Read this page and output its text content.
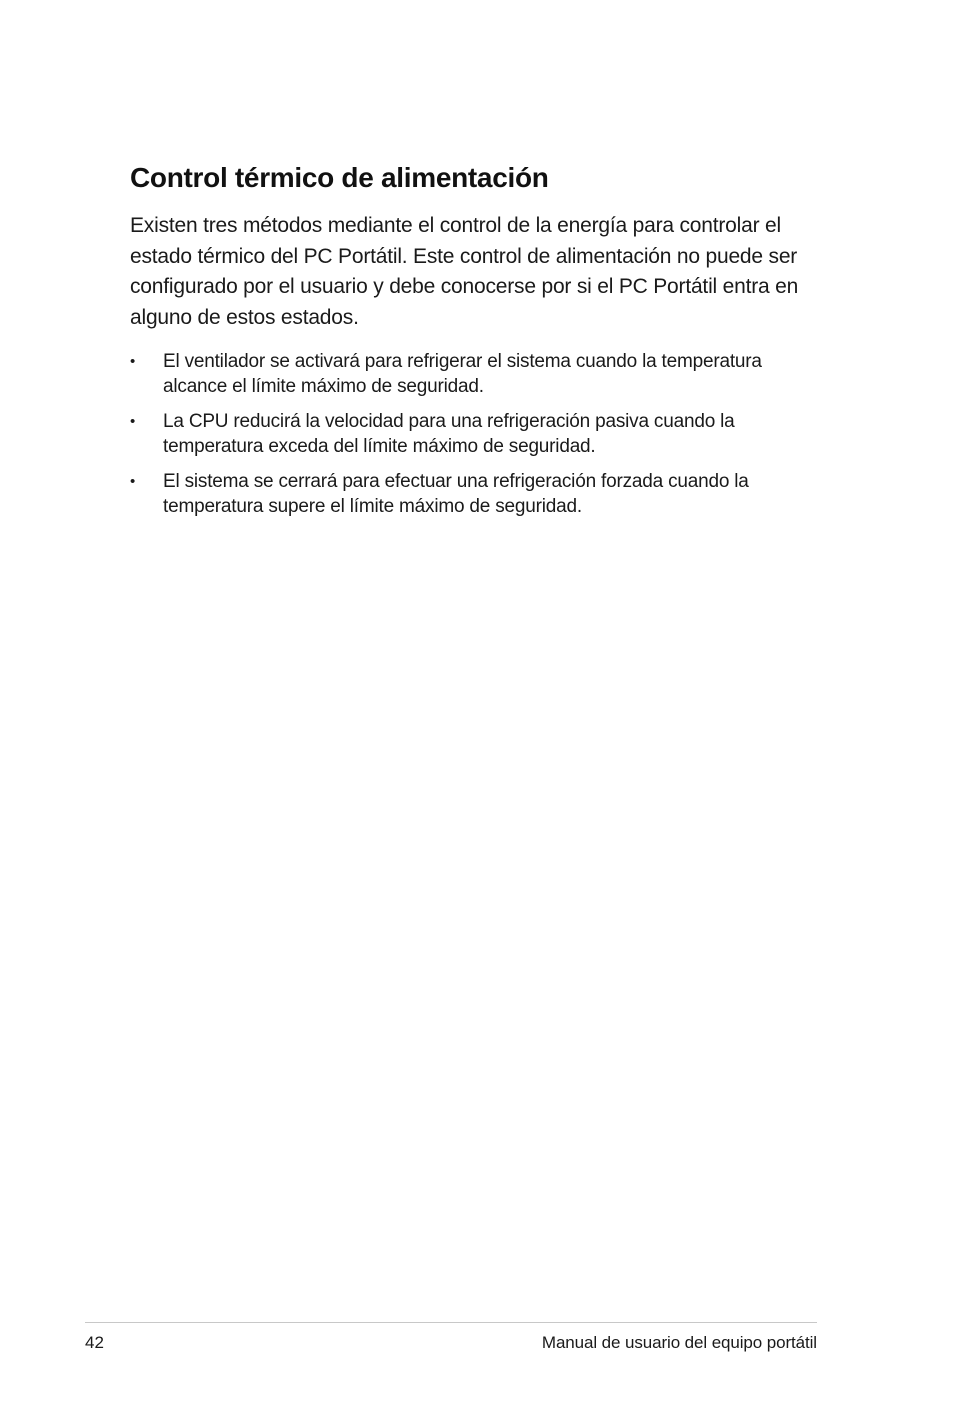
Control térmico de alimentación

Existen tres métodos mediante el control de la energía para controlar el estado térmico del PC Portátil. Este control de alimentación no puede ser configurado por el usuario y debe conocerse por si el PC Portátil entra en alguno de estos estados.

• El ventilador se activará para refrigerar el sistema cuando la temperatura alcance el límite máximo de seguridad.
• La CPU reducirá la velocidad para una refrigeración pasiva cuando la temperatura exceda del límite máximo de seguridad.
• El sistema se cerrará para efectuar una refrigeración forzada cuando la temperatura supere el límite máximo de seguridad.
42	Manual de usuario del equipo portátil
